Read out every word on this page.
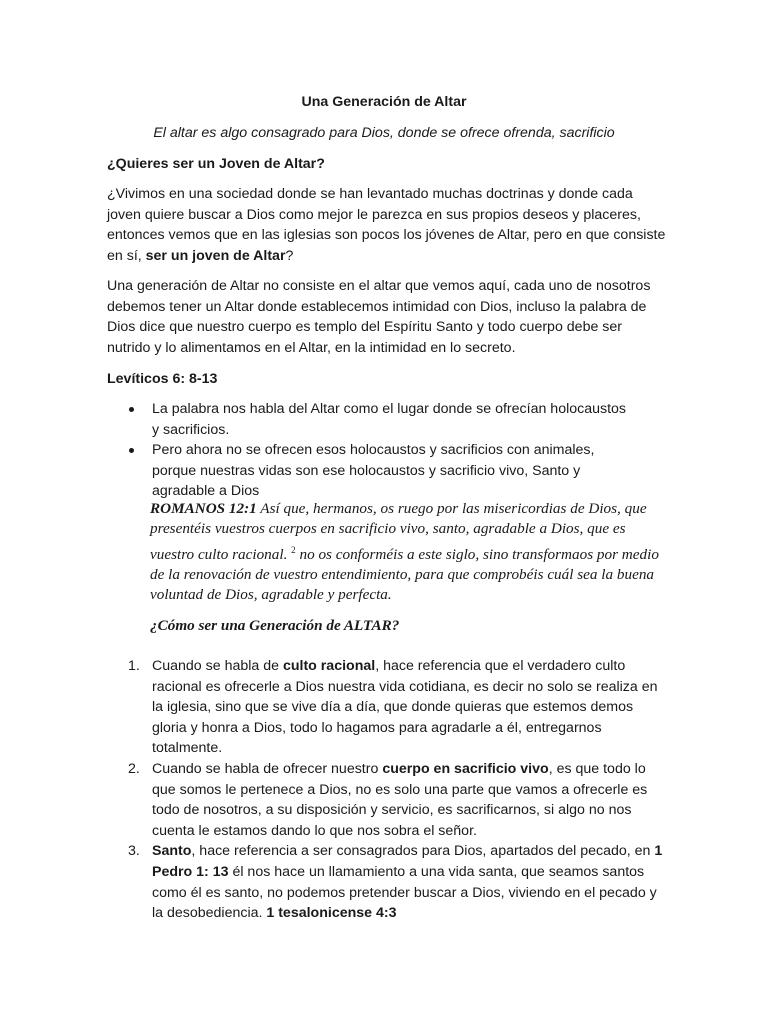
Una Generación de Altar
El altar es algo consagrado para Dios, donde se ofrece ofrenda, sacrificio

¿Quieres ser un Joven de Altar?

¿Vivimos en una sociedad donde se han levantado muchas doctrinas y donde cada joven quiere buscar a Dios como mejor le parezca en sus propios deseos y placeres, entonces vemos que en las iglesias son pocos los jóvenes de Altar, pero en que consiste en sí, ser un joven de Altar?

Una generación de Altar no consiste en el altar que vemos aquí, cada uno de nosotros debemos tener un Altar donde establecemos intimidad con Dios, incluso la palabra de Dios dice que nuestro cuerpo es templo del Espíritu Santo y todo cuerpo debe ser nutrido y lo alimentamos en el Altar, en la intimidad en lo secreto.

Levíticos 6: 8-13

La palabra nos habla del Altar como el lugar donde se ofrecían holocaustos y sacrificios.
Pero ahora no se ofrecen esos holocaustos y sacrificios con animales, porque nuestras vidas son ese holocaustos y sacrificio vivo, Santo y agradable a Dios
ROMANOS 12:1 Así que, hermanos, os ruego por las misericordias de Dios, que presentéis vuestros cuerpos en sacrificio vivo, santo, agradable a Dios, que es vuestro culto racional. $^2$ no os conforméis a este siglo, sino transformaos por medio de la renovación de vuestro entendimiento, para que comprobéis cuál sea la buena voluntad de Dios, agradable y perfecta.
¿Cómo ser una Generación de ALTAR?
1. Cuando se habla de culto racional, hace referencia que el verdadero culto racional es ofrecerle a Dios nuestra vida cotidiana, es decir no solo se realiza en la iglesia, sino que se vive día a día, que donde quieras que estemos demos gloria y honra a Dios, todo lo hagamos para agradarle a él, entregarnos totalmente.
2. Cuando se habla de ofrecer nuestro cuerpo en sacrificio vivo, es que todo lo que somos le pertenece a Dios, no es solo una parte que vamos a ofrecerle es todo de nosotros, a su disposición y servicio, es sacrificarnos, si algo no nos cuenta le estamos dando lo que nos sobra el señor.
3. Santo, hace referencia a ser consagrados para Dios, apartados del pecado, en 1 Pedro 1: 13 él nos hace un llamamiento a una vida santa, que seamos santos como él es santo, no podemos pretender buscar a Dios, viviendo en el pecado y la desobediencia. 1 tesalonicense 4:3
